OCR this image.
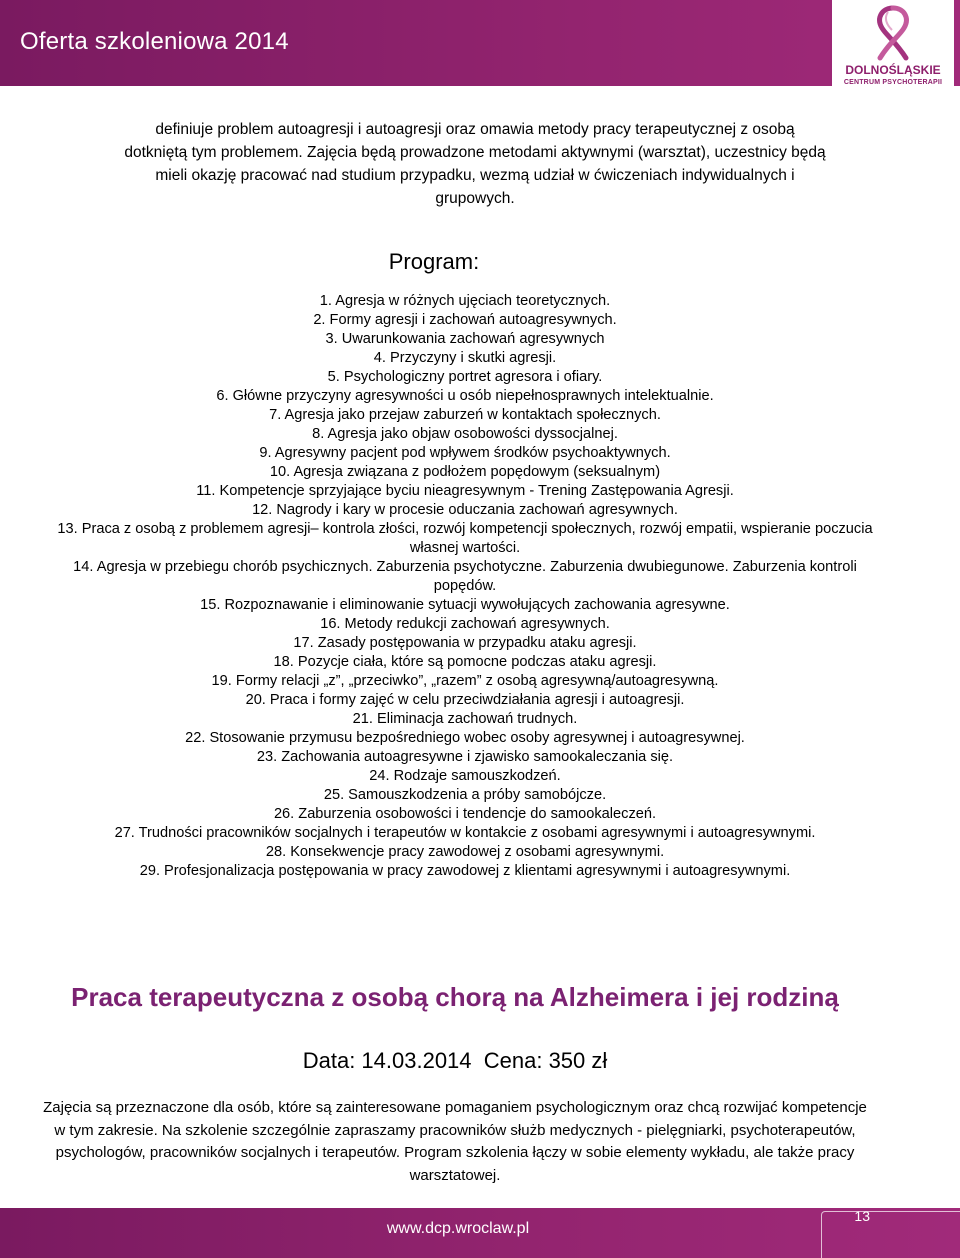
Oferta szkoleniowa 2014
DOLNOŚLĄSKIE
CENTRUM PSYCHOTERAPII

definiuje problem autoagresji i autoagresji oraz omawia metody pracy terapeutycznej z osobą

dotkniętą tym problemem. Zajęcia będą prowadzone metodami aktywnymi (warsztat), uczestnicy będą

mieli okazję pracować nad studium przypadku, wezmą udział w ćwiczeniach indywidualnych i

grupowych.

Program:
1. Agresja w różnych ujęciach teoretycznych.
2. Formy agresji i zachowań autoagresywnych.
3. Uwarunkowania zachowań agresywnych
4. Przyczyny i skutki agresji.
5. Psychologiczny portret agresora i ofiary.
6. Główne przyczyny agresywności u osób niepełnosprawnych intelektualnie.
7. Agresja jako przejaw zaburzeń w kontaktach społecznych.
8. Agresja jako objaw osobowości dyssocjalnej.
9. Agresywny pacjent pod wpływem środków psychoaktywnych.
10. Agresja związana z podłożem popędowym (seksualnym)
11. Kompetencje sprzyjające byciu nieagresywnym - Trening Zastępowania Agresji.
12. Nagrody i kary w procesie oduczania zachowań agresywnych.
13. Praca z osobą z problemem agresji– kontrola złości, rozwój kompetencji społecznych, rozwój empatii, wspieranie poczucia własnej wartości.
14. Agresja w przebiegu chorób psychicznych. Zaburzenia psychotyczne. Zaburzenia dwubiegunowe. Zaburzenia kontroli popędów.
15. Rozpoznawanie i eliminowanie sytuacji wywołujących zachowania agresywne.
16. Metody redukcji zachowań agresywnych.
17. Zasady postępowania w przypadku ataku agresji.
18. Pozycje ciała, które są pomocne podczas ataku agresji.
19. Formy relacji „z”, „przeciwko”, „razem” z osobą agresywną/autoagresywną.
20. Praca i formy zajęć w celu przeciwdziałania agresji i autoagresji.
21. Eliminacja zachowań trudnych.
22. Stosowanie przymusu bezpośredniego wobec osoby agresywnej i autoagresywnej.
23. Zachowania autoagresywne i zjawisko samookaleczania się.
24. Rodzaje samouszkodzeń.
25. Samouszkodzenia a próby samobójcze.
26. Zaburzenia osobowości i tendencje do samookaleczeń.
27. Trudności pracowników socjalnych i terapeutów w kontakcie z osobami agresywnymi i autoagresywnymi.
28. Konsekwencje pracy zawodowej z osobami agresywnymi.
29. Profesjonalizacja postępowania w pracy zawodowej z klientami agresywnymi i autoagresywnymi.
Praca terapeutyczna z osobą chorą na Alzheimera i jej rodziną
Data: 14.03.2014  Cena: 350 zł

Zajęcia są przeznaczone dla osób, które są zainteresowane pomaganiem psychologicznym oraz chcą rozwijać kompetencje w tym zakresie. Na szkolenie szczególnie zapraszamy pracowników służb medycznych - pielęgniarki, psychoterapeutów, psychologów, pracowników socjalnych i terapeutów. Program szkolenia łączy w sobie elementy wykładu, ale także pracy warsztatowej.

www.dcp.wroclaw.pl
13
